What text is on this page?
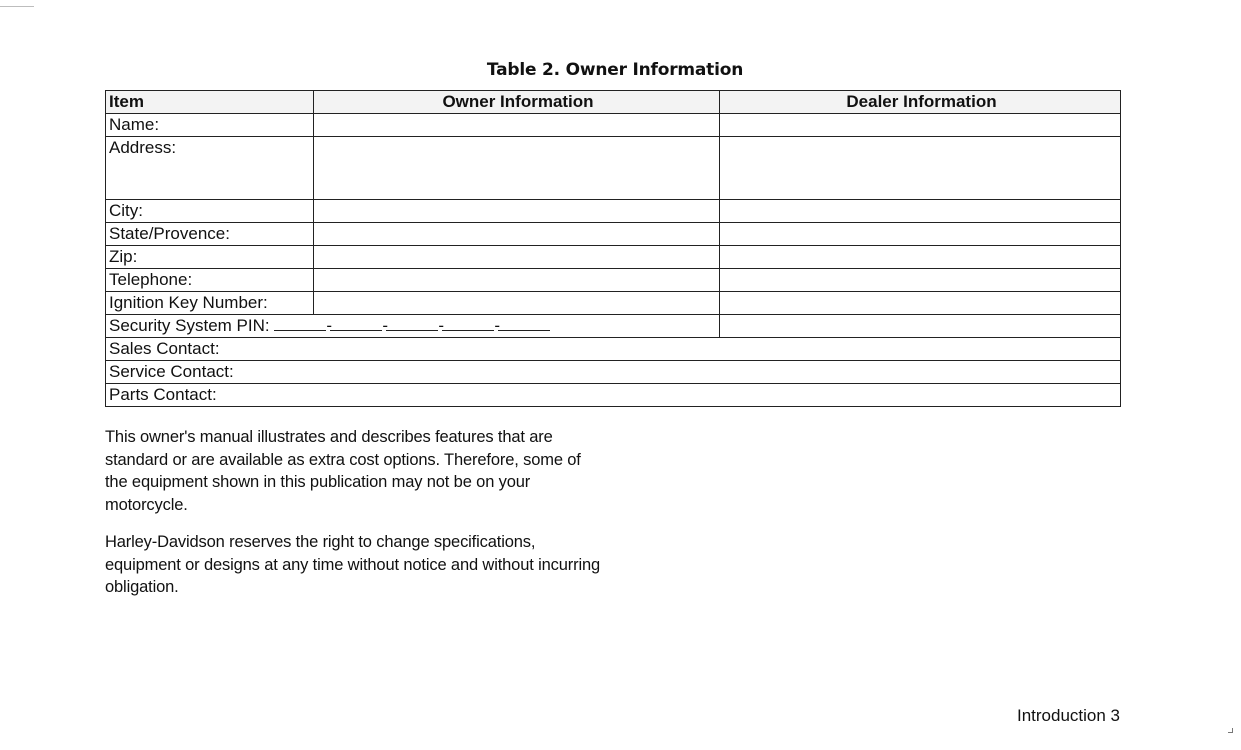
Table 2. Owner Information
Item	Owner Information	Dealer Information
Name:		
Address:		
City:		
State/Provence:		
Zip:		
Telephone:		
Ignition Key Number:		
Security System PIN: - - - -		
Sales Contact:		
Service Contact:		
Parts Contact:		
This owner's manual illustrates and describes features that are standard or are available as extra cost options. Therefore, some of the equipment shown in this publication may not be on your motorcycle.
Harley-Davidson reserves the right to change specifications, equipment or designs at any time without notice and without incurring obligation.
Introduction 3
